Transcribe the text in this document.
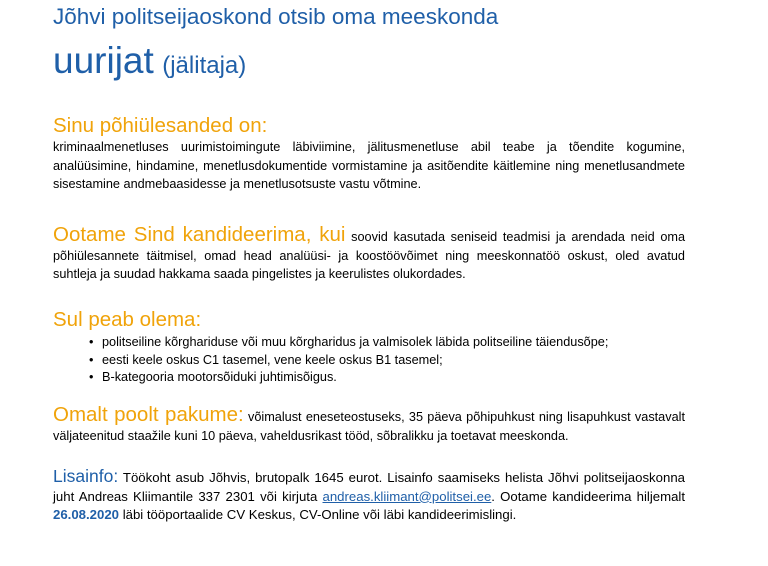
Jõhvi politseijaoskond otsib oma meeskonda
uurijat (jälitaja)
Sinu põhiülesanded on:
kriminaalmenetluses uurimistoimingute läbiviimine, jälitusmenetluse abil teabe ja tõendite kogumine, analüüsimine, hindamine, menetlusdokumentide vormistamine ja asitõendite käitlemine ning menetlusandmete sisestamine andmebaasidesse ja menetlusotsuste vastu võtmine.
Ootame Sind kandideerima, kui soovid kasutada seniseid teadmisi ja arendada neid oma põhiülesannete täitmisel, omad head analüüsi- ja koostöövõimet ning meeskonnatöö oskust, oled avatud suhtleja ja suudad hakkama saada pingelistes ja keerulistes olukordades.
Sul peab olema:
• politseiline kõrghariduse või muu kõrgharidus ja valmisolek läbida politseiline täiendusõpe;
• eesti keele oskus C1 tasemel, vene keele oskus B1 tasemel;
• B-kategooria mootorsõiduki juhtimisõigus.
Omalt poolt pakume: võimalust eneseteostuseks, 35 päeva põhipuhkust ning lisapuhkust vastavalt väljateenitud staažile kuni 10 päeva, vaheldusrikast tööd, sõbralikku ja toetavat meeskonda.
Lisainfo: Töökoht asub Jõhvis, brutopalk 1645 eurot. Lisainfo saamiseks helista Jõhvi politseijaoskonna juht Andreas Kliimantile 337 2301 või kirjuta andreas.kliimant@politsei.ee. Ootame kandideerima hiljemalt 26.08.2020 läbi tööportaalide CV Keskus, CV-Online või läbi kandideerimislingi.
